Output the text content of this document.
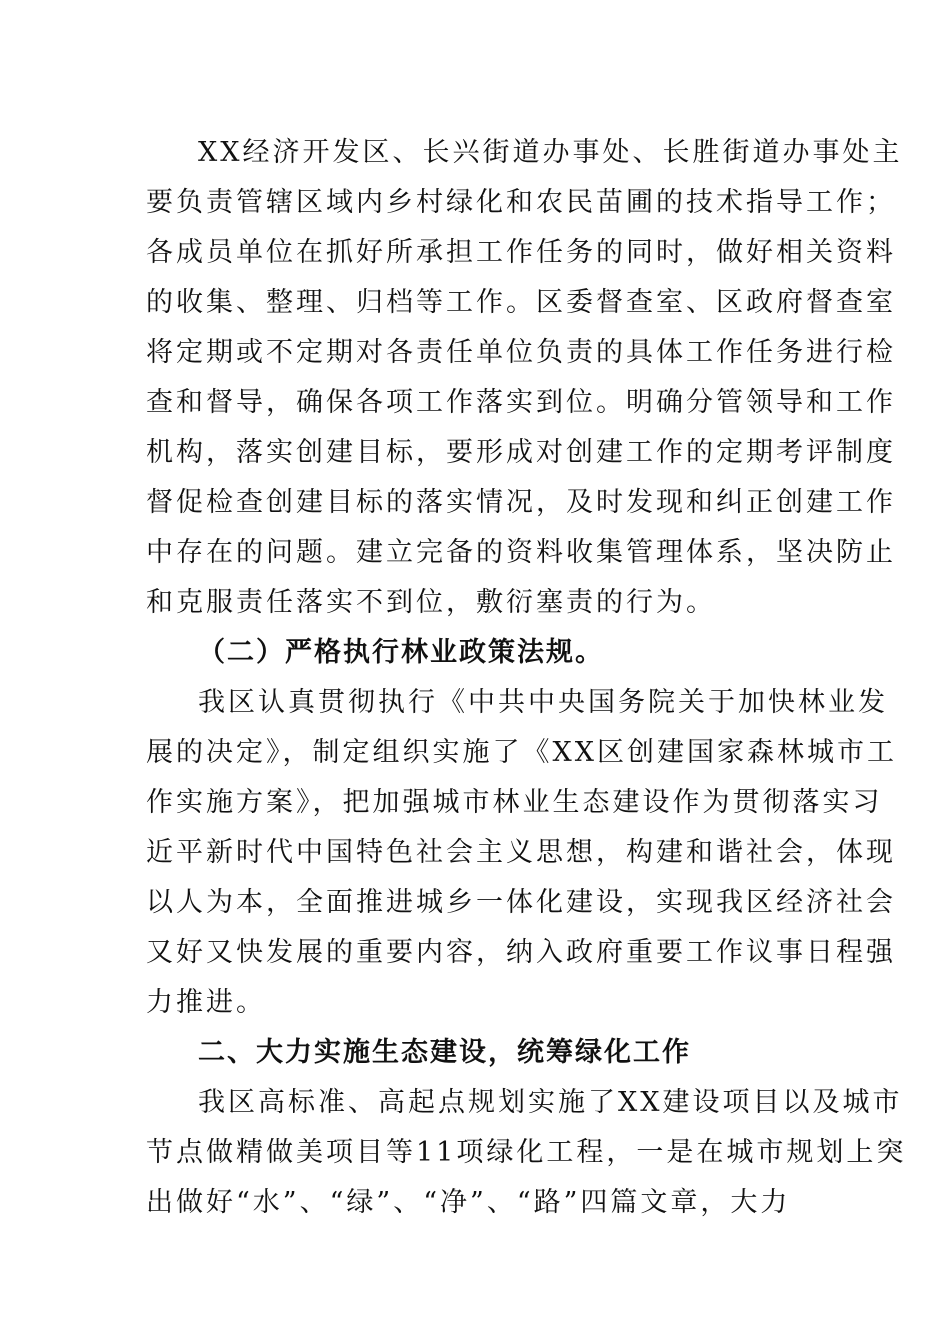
XX经济开发区、长兴街道办事处、长胜街道办事处主
要负责管辖区域内乡村绿化和农民苗圃的技术指导工作；
各成员单位在抓好所承担工作任务的同时，做好相关资料
的收集、整理、归档等工作。区委督查室、区政府督查室
将定期或不定期对各责任单位负责的具体工作任务进行检
查和督导，确保各项工作落实到位。明确分管领导和工作
机构，落实创建目标，要形成对创建工作的定期考评制度
督促检查创建目标的落实情况，及时发现和纠正创建工作
中存在的问题。建立完备的资料收集管理体系，坚决防止
和克服责任落实不到位，敷衍塞责的行为。
（二）严格执行林业政策法规。
我区认真贯彻执行《中共中央国务院关于加快林业发
展的决定》，制定组织实施了《XX区创建国家森林城市工
作实施方案》，把加强城市林业生态建设作为贯彻落实习
近平新时代中国特色社会主义思想，构建和谐社会，体现
以人为本，全面推进城乡一体化建设，实现我区经济社会
又好又快发展的重要内容，纳入政府重要工作议事日程强
力推进。
二、大力实施生态建设，统筹绿化工作
我区高标准、高起点规划实施了XX建设项目以及城市
节点做精做美项目等11项绿化工程，一是在城市规划上突
出做好“水”、“绿”、“净”、“路”四篇文章，大力
